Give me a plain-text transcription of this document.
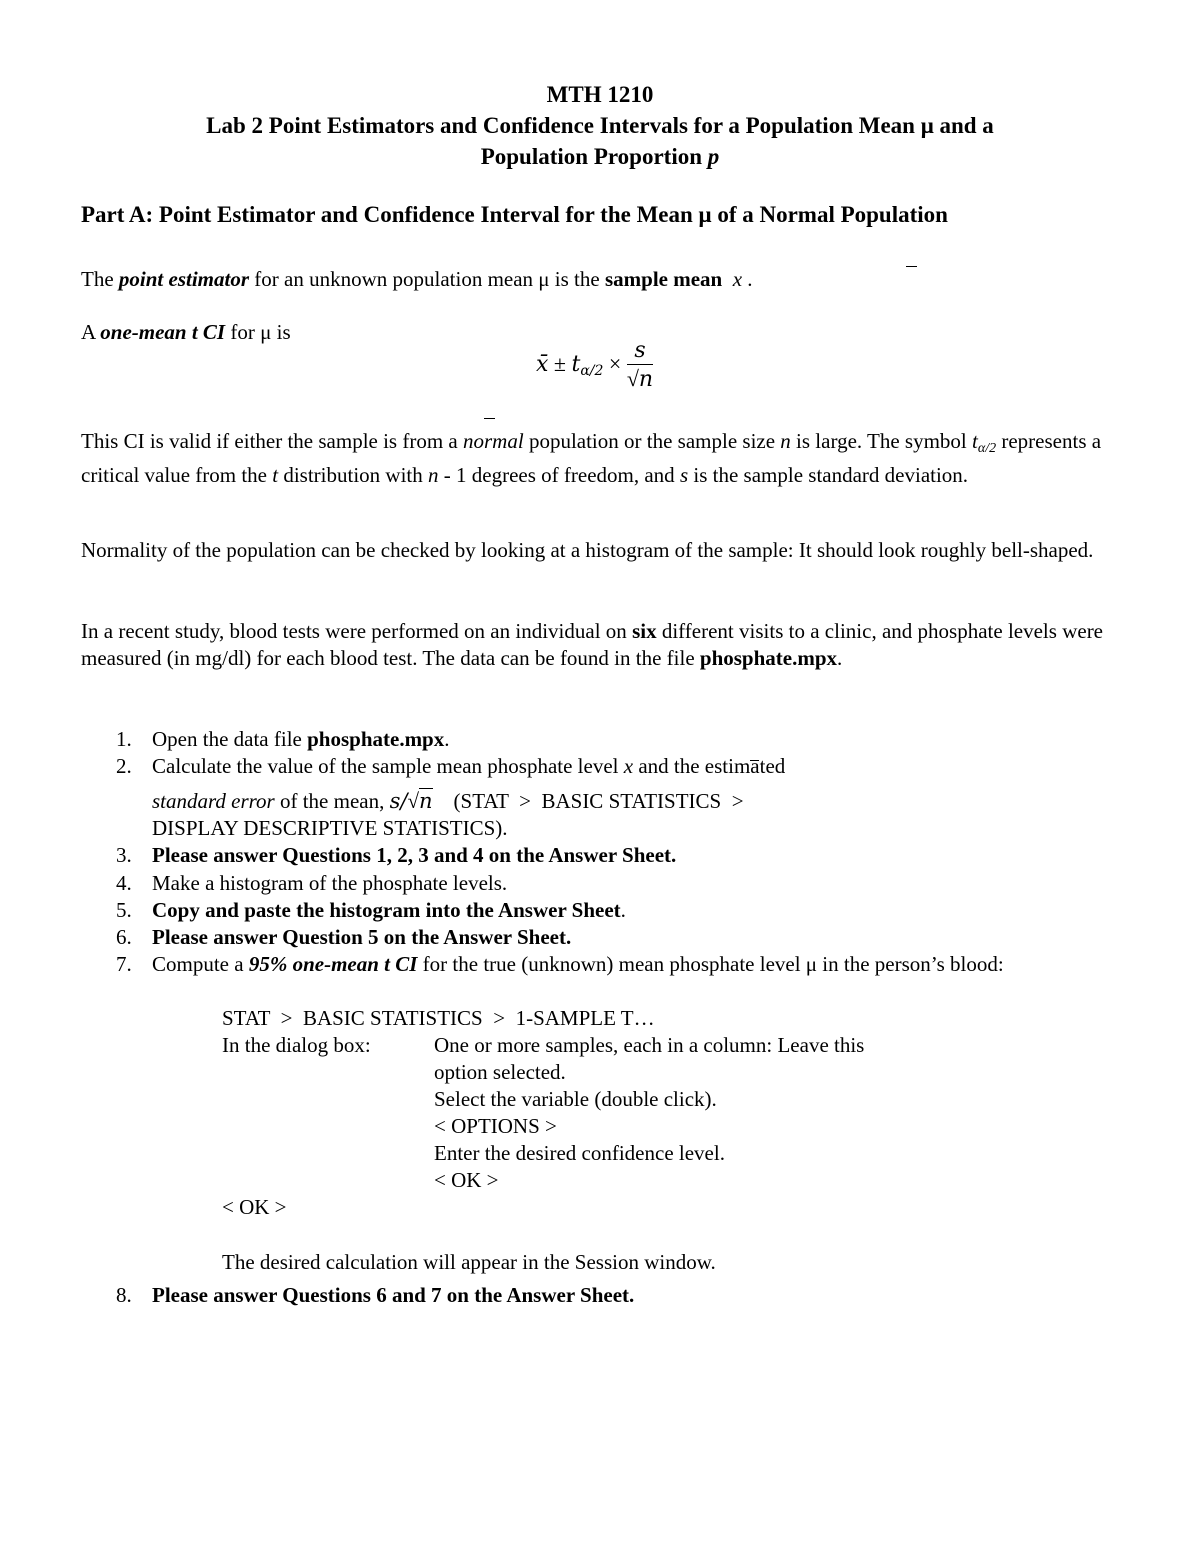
MTH 1210
Lab 2 Point Estimators and Confidence Intervals for a Population Mean μ and a
Population Proportion p
Part A: Point Estimator and Confidence Interval for the Mean μ of a Normal Population
The point estimator for an unknown population mean μ is the sample mean x .
A one-mean t CI for μ is
x̄ ± $t_{\alpha/2} \times \frac{s}{√n}$
This CI is valid if either the sample is from a normal population or the sample size n is large. The symbol $t_{\alpha/2}$ represents a critical value from the t distribution with n - 1 degrees of freedom, and s is the sample standard deviation.
Normality of the population can be checked by looking at a histogram of the sample: It should look roughly bell-shaped.
In a recent study, blood tests were performed on an individual on six different visits to a clinic, and phosphate levels were measured (in mg/dl) for each blood test. The data can be found in the file phosphate.mpx.
1. Open the data file phosphate.mpx.
2. Calculate the value of the sample mean phosphate level x and the estimated
standard error of the mean, s/√n    (STAT  >  BASIC STATISTICS  >
DISPLAY DESCRIPTIVE STATISTICS).
3. Please answer Questions 1, 2, 3 and 4 on the Answer Sheet.
4. Make a histogram of the phosphate levels.
5. Copy and paste the histogram into the Answer Sheet.
6. Please answer Question 5 on the Answer Sheet.
7. Compute a 95% one-mean t CI for the true (unknown) mean phosphate level μ in the person’s blood:
STAT  >  BASIC STATISTICS  >  1-SAMPLE T…
In the dialog box:	One or more samples, each in a column: Leave this
option selected.
Select the variable (double click).
< OPTIONS >
Enter the desired confidence level.
< OK >
< OK >
The desired calculation will appear in the Session window.
8. Please answer Questions 6 and 7 on the Answer Sheet.
